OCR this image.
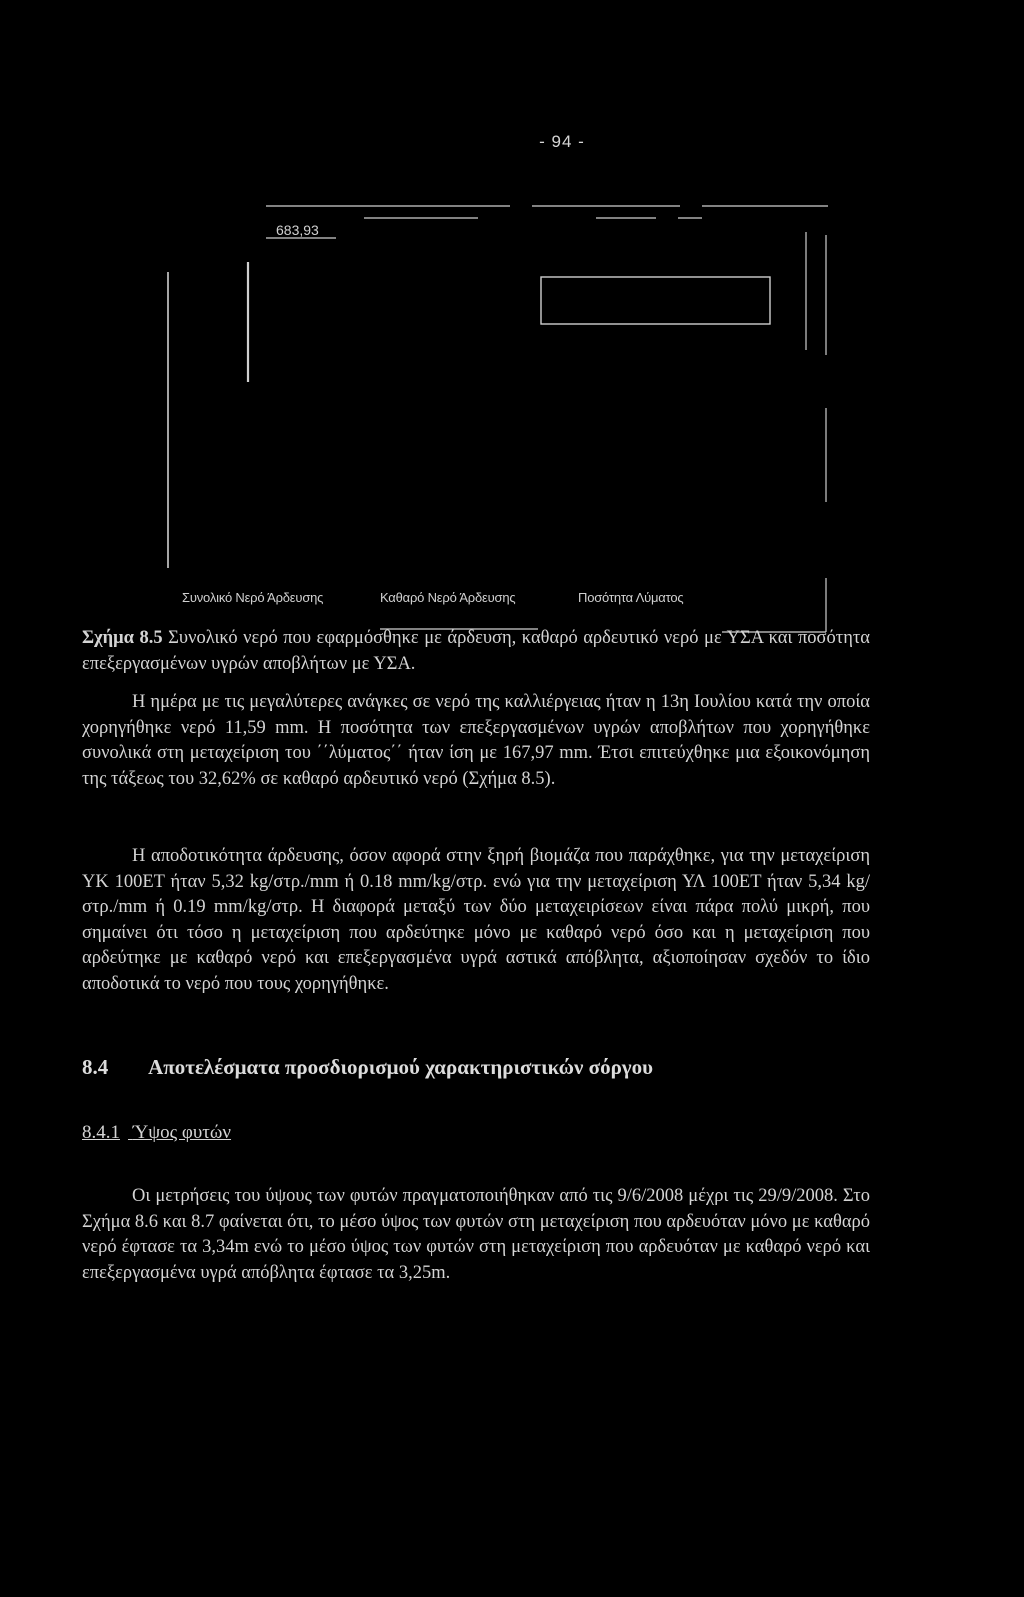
- 94 -
683,93
Συνολικό Νερό Άρδευσης	Καθαρό Νερό Άρδευσης	Ποσότητα Λύματος
Σχήμα 8.5 Συνολικό νερό που εφαρμόσθηκε με άρδευση, καθαρό αρδευτικό νερό με ΥΣΑ και ποσότητα επεξεργασμένων υγρών αποβλήτων με ΥΣΑ.

Η ημέρα με τις μεγαλύτερες ανάγκες σε νερό της καλλιέργειας ήταν η 13η Ιουλίου κατά την οποία χορηγήθηκε νερό 11,59 mm. Η ποσότητα των επεξεργασμένων υγρών αποβλήτων που χορηγήθηκε συνολικά στη μεταχείριση του ΄΄λύματος΄΄ ήταν ίση με 167,97 mm. Έτσι επιτεύχθηκε μια εξοικονόμηση της τάξεως του 32,62% σε καθαρό αρδευτικό νερό (Σχήμα 8.5).

Η αποδοτικότητα άρδευσης, όσον αφορά στην ξηρή βιομάζα που παράχθηκε, για την μεταχείριση ΥΚ 100ΕΤ ήταν 5,32 kg/στρ./mm ή 0.18 mm/kg/στρ. ενώ για την μεταχείριση ΥΛ 100ΕΤ ήταν 5,34 kg/στρ./mm ή 0.19 mm/kg/στρ. Η διαφορά μεταξύ των δύο μεταχειρίσεων είναι πάρα πολύ μικρή, που σημαίνει ότι τόσο η μεταχείριση που αρδεύτηκε μόνο με καθαρό νερό όσο και η μεταχείριση που αρδεύτηκε με καθαρό νερό και επεξεργασμένα υγρά αστικά απόβλητα, αξιοποίησαν σχεδόν το ίδιο αποδοτικά το νερό που τους χορηγήθηκε.

8.4 Αποτελέσματα προσδιορισμού χαρακτηριστικών σόργου
8.4.1 Ύψος φυτών

Οι μετρήσεις του ύψους των φυτών πραγματοποιήθηκαν από τις 9/6/2008 μέχρι τις 29/9/2008. Στο Σχήμα 8.6 και 8.7 φαίνεται ότι, το μέσο ύψος των φυτών στη μεταχείριση που αρδευόταν μόνο με καθαρό νερό έφτασε τα 3,34m ενώ το μέσο ύψος των φυτών στη μεταχείριση που αρδευόταν με καθαρό νερό και επεξεργασμένα υγρά απόβλητα έφτασε τα 3,25m.
